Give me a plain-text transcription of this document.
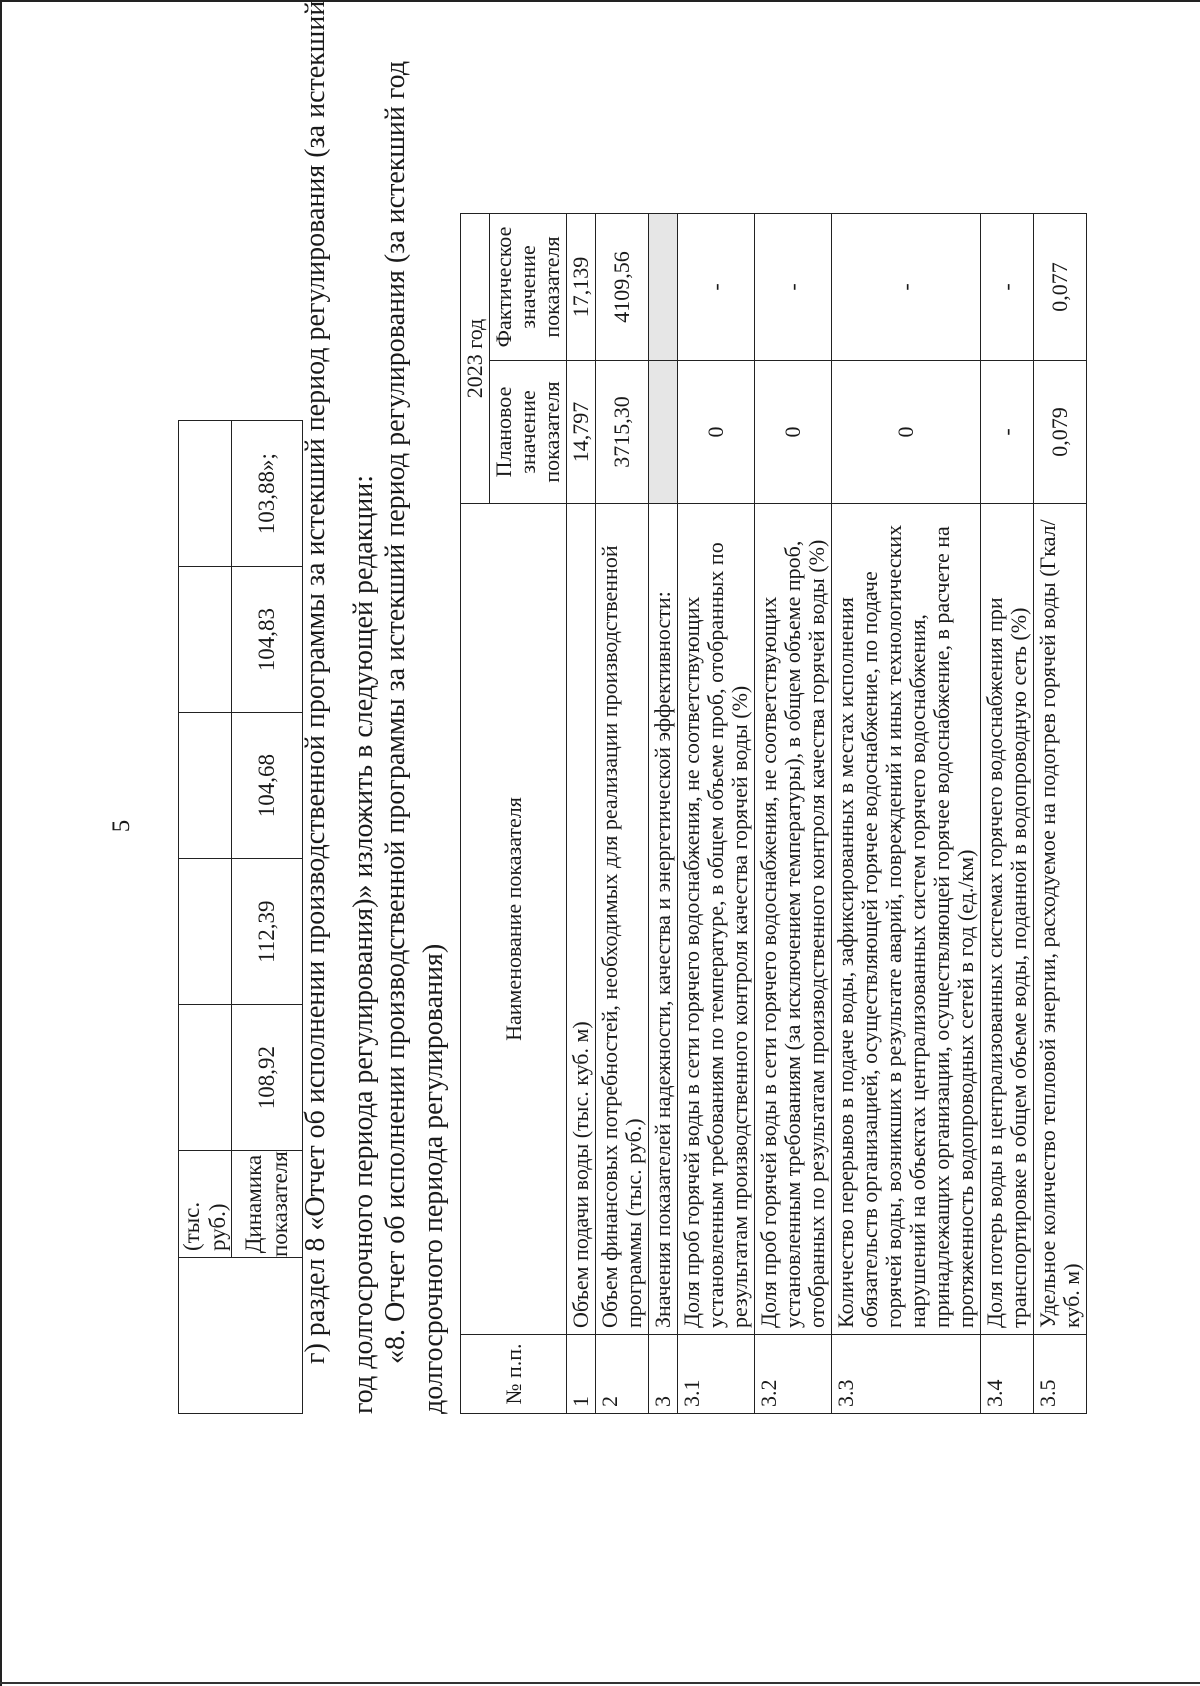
5
	(тыс. руб.)					
	Динамика показателя	108,92	112,39	104,68	104,83	103,88»; г) раздел 8 «Отчет об исполнении производственной программы за истекший период регулирования (за истекший год долгосрочного периода регулирования)» изложить в следующей редакции: «8. Отчет об исполнении производственной программы за истекший период регулирования (за истекший год долгосрочного периода регулирования) № п.п.	Наименование показателя	2023 год	
		Плановое значение показателя	Фактическое значение показателя
1	Объем подачи воды (тыс. куб. м)	14,797	17,139
2	Объем финансовых потребностей, необходимых для реализации производственной программы (тыс. руб.)	3715,30	4109,56
3	Значения показателей надежности, качества и энергетической эффективности:		
3.1	Доля проб горячей воды в сети горячего водоснабжения, не соответствующих установленным требованиям по температуре, в общем объеме проб, отобранных по результатам производственного контроля качества горячей воды (%)	0	-
3.2	Доля проб горячей воды в сети горячего водоснабжения, не соответствующих установленным требованиям (за исключением температуры), в общем объеме проб, отобранных по результатам производственного контроля качества горячей воды (%)	0	-
3.3	Количество перерывов в подаче воды, зафиксированных в местах исполнения обязательств организацией, осуществляющей горячее водоснабжение, по подаче горячей воды, возникших в результате аварий, повреждений и иных технологических нарушений на объектах централизованных систем горячего водоснабжения, принадлежащих организации, осуществляющей горячее водоснабжение, в расчете на протяженность водопроводных сетей в год (ед./км)	0	-
3.4	Доля потерь воды в централизованных системах горячего водоснабжения при транспортировке в общем объеме воды, поданной в водопроводную сеть (%)	-	-
3.5	Удельное количество тепловой энергии, расходуемое на подогрев горячей воды (Гкал/куб. м)	0,079	0,077
